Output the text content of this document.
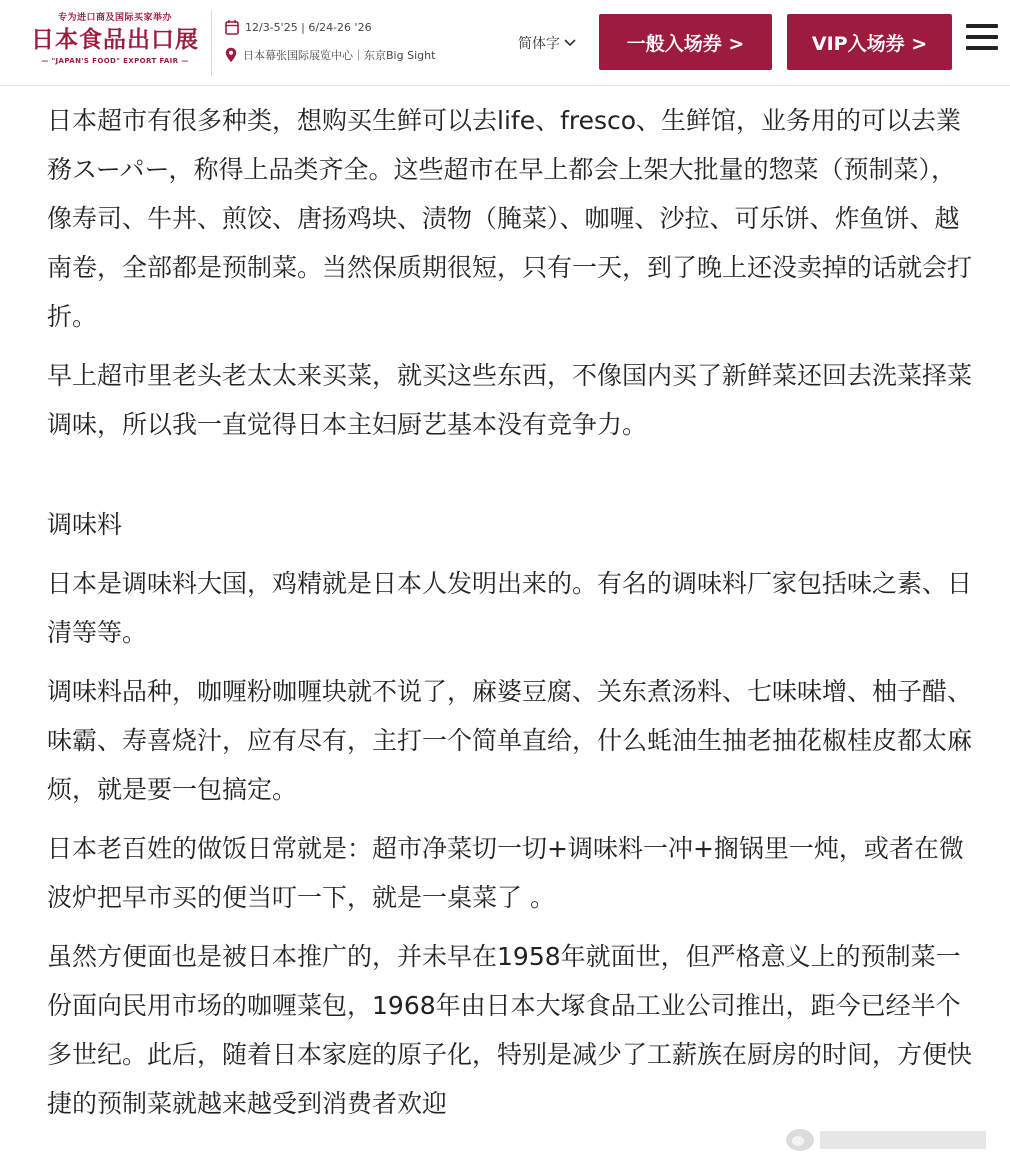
专为进口商及国际买家举办
日本食品出口展
— "JAPAN'S FOOD" EXPORT FAIR —
12/3-5'25 | 6/24-26 '26
日本幕张国际展览中心｜东京Big Sight
简体字	一般入场券 >	VIP入场券 >

日本超市有很多种类，想购买生鲜可以去life、fresco、生鲜馆，业务用的可以去業務スーパー，称得上品类齐全。这些超市在早上都会上架大批量的惣菜（预制菜），像寿司、牛丼、煎饺、唐扬鸡块、渍物（腌菜）、咖喱、沙拉、可乐饼、炸鱼饼、越南卷，全部都是预制菜。当然保质期很短，只有一天，到了晚上还没卖掉的话就会打折。

早上超市里老头老太太来买菜，就买这些东西，不像国内买了新鲜菜还回去洗菜择菜调味，所以我一直觉得日本主妇厨艺基本没有竞争力。

调味料

日本是调味料大国，鸡精就是日本人发明出来的。有名的调味料厂家包括味之素、日清等等。

调味料品种，咖喱粉咖喱块就不说了，麻婆豆腐、关东煮汤料、七味味增、柚子醋、味霸、寿喜烧汁，应有尽有，主打一个简单直给，什么蚝油生抽老抽花椒桂皮都太麻烦，就是要一包搞定。

日本老百姓的做饭日常就是：超市净菜切一切+调味料一冲+搁锅里一炖，或者在微波炉把早市买的便当叮一下，就是一桌菜了 。

虽然方便面也是被日本推广的，并未早在1958年就面世，但严格意义上的预制菜一份面向民用市场的咖喱菜包，1968年由日本大塚食品工业公司推出，距今已经半个多世纪。此后，随着日本家庭的原子化，特别是减少了工薪族在厨房的时间，方便快捷的预制菜就越来越受到消费者欢迎
